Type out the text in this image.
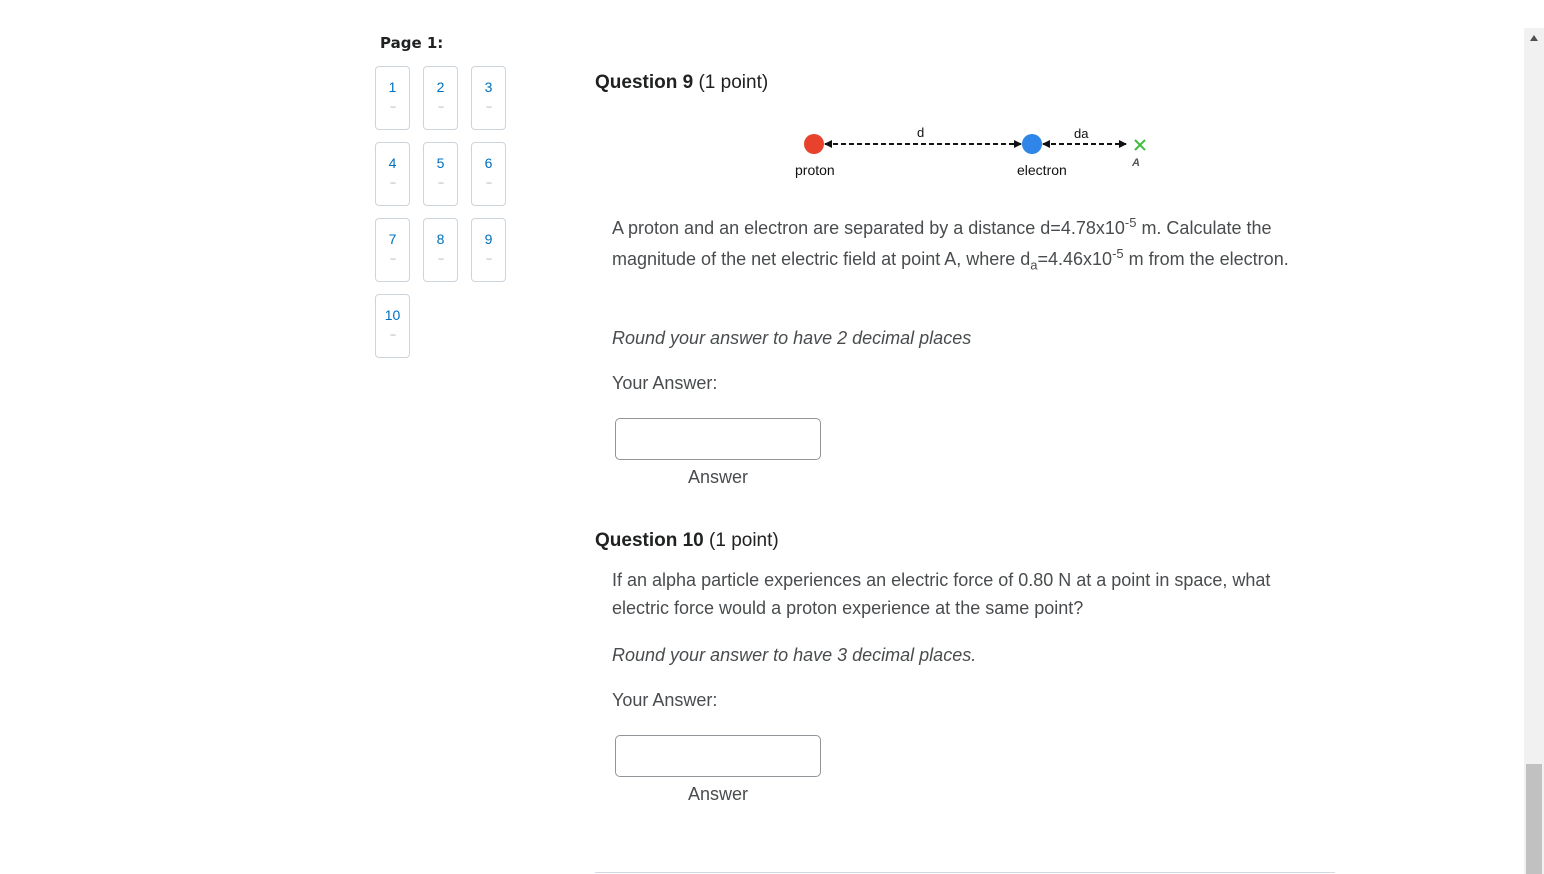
Page 1:
1
--
2
--
3
--
4
--
5
--
6
--
7
--
8
--
9
--
10
--
Question 9 (1 point)
d	da
proton	electron	A
A proton and an electron are separated by a distance $d=4.78x10^{-5}$ m. Calculate the magnitude of the net electric field at point A, where $d_a=4.46x10^{-5}$ m from the electron.
Round your answer to have 2 decimal places
Your Answer:
Answer
Question 10 (1 point)
If an alpha particle experiences an electric force of 0.80 N at a point in space, what electric force would a proton experience at the same point?
Round your answer to have 3 decimal places.
Your Answer:
Answer
